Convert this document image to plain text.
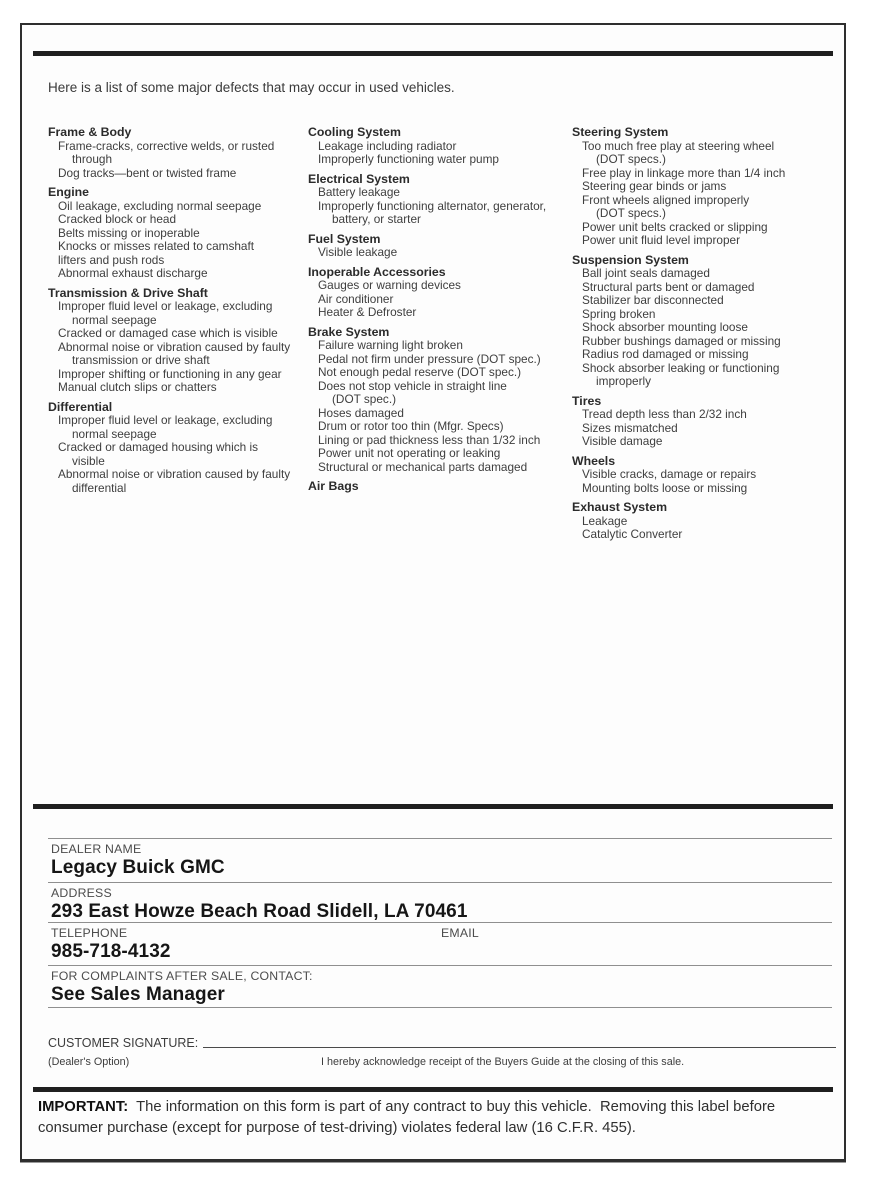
Here is a list of some major defects that may occur in used vehicles.

Frame & Body
Frame-cracks, corrective welds, or rusted
through
Dog tracks—bent or twisted frame
Engine
Oil leakage, excluding normal seepage
Cracked block or head
Belts missing or inoperable
Knocks or misses related to camshaft
lifters and push rods
Abnormal exhaust discharge
Transmission & Drive Shaft
Improper fluid level or leakage, excluding
normal seepage
Cracked or damaged case which is visible
Abnormal noise or vibration caused by faulty
transmission or drive shaft
Improper shifting or functioning in any gear
Manual clutch slips or chatters
Differential
Improper fluid level or leakage, excluding
normal seepage
Cracked or damaged housing which is
visible
Abnormal noise or vibration caused by faulty
differential
Cooling System
Leakage including radiator
Improperly functioning water pump
Electrical System
Battery leakage
Improperly functioning alternator, generator,
battery, or starter
Fuel System
Visible leakage
Inoperable Accessories
Gauges or warning devices
Air conditioner
Heater & Defroster
Brake System
Failure warning light broken
Pedal not firm under pressure (DOT spec.)
Not enough pedal reserve (DOT spec.)
Does not stop vehicle in straight line
(DOT spec.)
Hoses damaged
Drum or rotor too thin (Mfgr. Specs)
Lining or pad thickness less than 1/32 inch
Power unit not operating or leaking
Structural or mechanical parts damaged
Air Bags
Steering System
Too much free play at steering wheel
(DOT specs.)
Free play in linkage more than 1/4 inch
Steering gear binds or jams
Front wheels aligned improperly
(DOT specs.)
Power unit belts cracked or slipping
Power unit fluid level improper
Suspension System
Ball joint seals damaged
Structural parts bent or damaged
Stabilizer bar disconnected
Spring broken
Shock absorber mounting loose
Rubber bushings damaged or missing
Radius rod damaged or missing
Shock absorber leaking or functioning
improperly
Tires
Tread depth less than 2/32 inch
Sizes mismatched
Visible damage
Wheels
Visible cracks, damage or repairs
Mounting bolts loose or missing
Exhaust System
Leakage
Catalytic Converter
DEALER NAME
Legacy Buick GMC
ADDRESS
293 East Howze Beach Road Slidell, LA 70461
TELEPHONE
985-718-4132
EMAIL
FOR COMPLAINTS AFTER SALE, CONTACT:
See Sales Manager
CUSTOMER SIGNATURE:
(Dealer's Option)	I hereby acknowledge receipt of the Buyers Guide at the closing of this sale.

IMPORTANT:  The information on this form is part of any contract to buy this vehicle.  Removing this label before consumer purchase (except for purpose of test-driving) violates federal law (16 C.F.R. 455).
